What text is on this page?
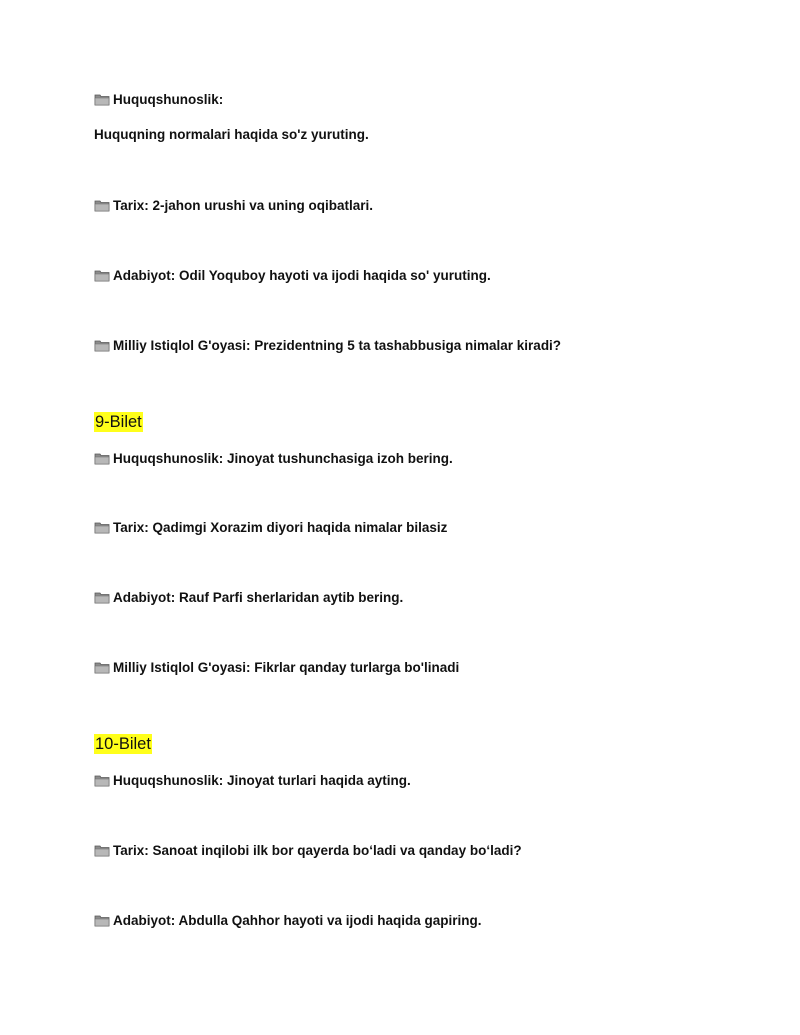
Huquqshunoslik:
Huquqning normalari haqida so'z yuruting.
Tarix: 2-jahon urushi va uning oqibatlari.
Adabiyot: Odil Yoquboy hayoti va ijodi haqida so' yuruting.
Milliy Istiqlol G'oyasi: Prezidentning 5 ta tashabbusiga nimalar kiradi?
9-Bilet
Huquqshunoslik: Jinoyat tushunchasiga izoh bering.
Tarix: Qadimgi Xorazim diyori haqida nimalar bilasiz
Adabiyot: Rauf Parfi sherlaridan aytib bering.
Milliy Istiqlol G'oyasi: Fikrlar qanday turlarga bo'linadi
10-Bilet
Huquqshunoslik: Jinoyat turlari haqida ayting.
Tarix: Sanoat inqilobi ilk bor qayerda bo‘ladi va qanday bo‘ladi?
Adabiyot: Abdulla Qahhor hayoti va ijodi haqida gapiring.
